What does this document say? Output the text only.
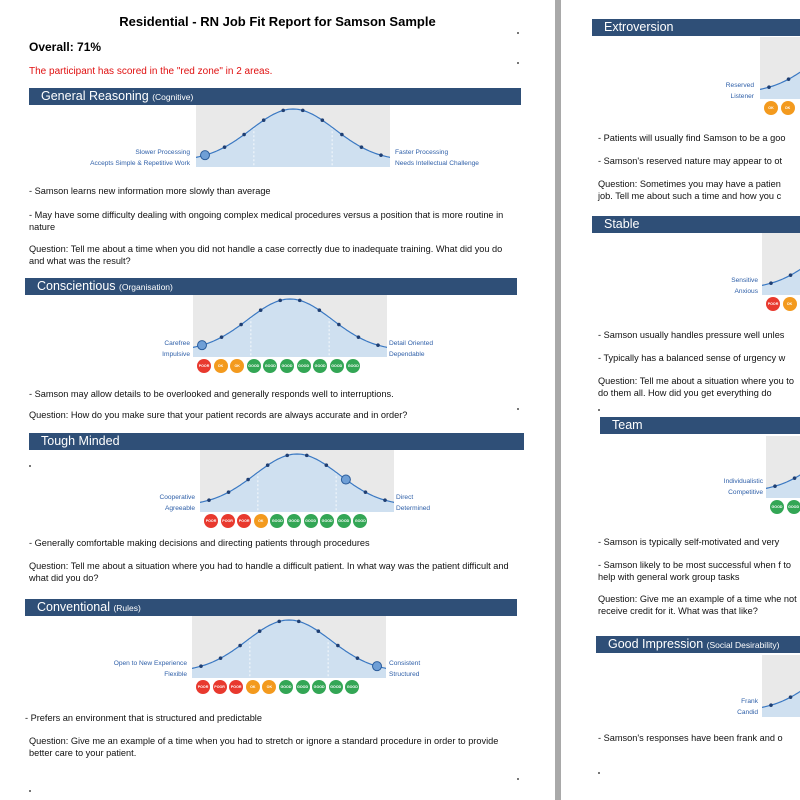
Residential - RN Job Fit Report for Samson Sample
Overall: 71%
The participant has scored in the "red zone" in 2 areas.
General Reasoning (Cognitive)
Slower Processing
Accepts Simple & Repetitive Work
Faster Processing
Needs Intellectual Challenge
- Samson learns new information more slowly than average
- May have some difficulty dealing with ongoing complex medical procedures versus a position that is more routine in nature
Question: Tell me about a time when you did not handle a case correctly due to inadequate training. What did you do and what was the result?
Conscientious (Organisation)
Carefree
Impulsive
POOR	OK	OK	GOOD	GOOD	GOOD	GOOD	GOOD	GOOD	GOOD
Detail Oriented
Dependable
- Samson may allow details to be overlooked and generally responds well to interruptions.
Question: How do you make sure that your patient records are always accurate and in order?
Tough Minded
Cooperative
Agreeable
POOR	POOR	POOR	OK	GOOD	GOOD	GOOD	GOOD	GOOD	GOOD
Direct
Determined
- Generally comfortable making decisions and directing patients through procedures
Question: Tell me about a situation where you had to handle a difficult patient. In what way was the patient difficult and what did you do?
Conventional (Rules)
Open to New Experience
Flexible
POOR	POOR	POOR	OK	OK	GOOD	GOOD	GOOD	GOOD	GOOD
Consistent
Structured
- Prefers an environment that is structured and predictable
Question: Give me an example of a time when you had to stretch or ignore a standard procedure in order to provide better care to your patient.
Extroversion
Reserved
Listener
OK	OK
- Patients will usually find Samson to be a goo
- Samson's reserved nature may appear to ot
Question: Sometimes you may have a patien job. Tell me about such a time and how you c
Stable
Sensitive
Anxious
POOR	OK
- Samson usually handles pressure well unles
- Typically has a balanced sense of urgency w
Question: Tell me about a situation where you to do them all. How did you get everything do
Team
Individualistic
Competitive
GOOD	GOOD
- Samson is typically self-motivated and very
- Samson likely to be most successful when f to help with general work group tasks
Question: Give me an example of a time whe not receive credit for it. What was that like?
Good Impression (Social Desirability)
Frank
Candid
- Samson's responses have been frank and o
